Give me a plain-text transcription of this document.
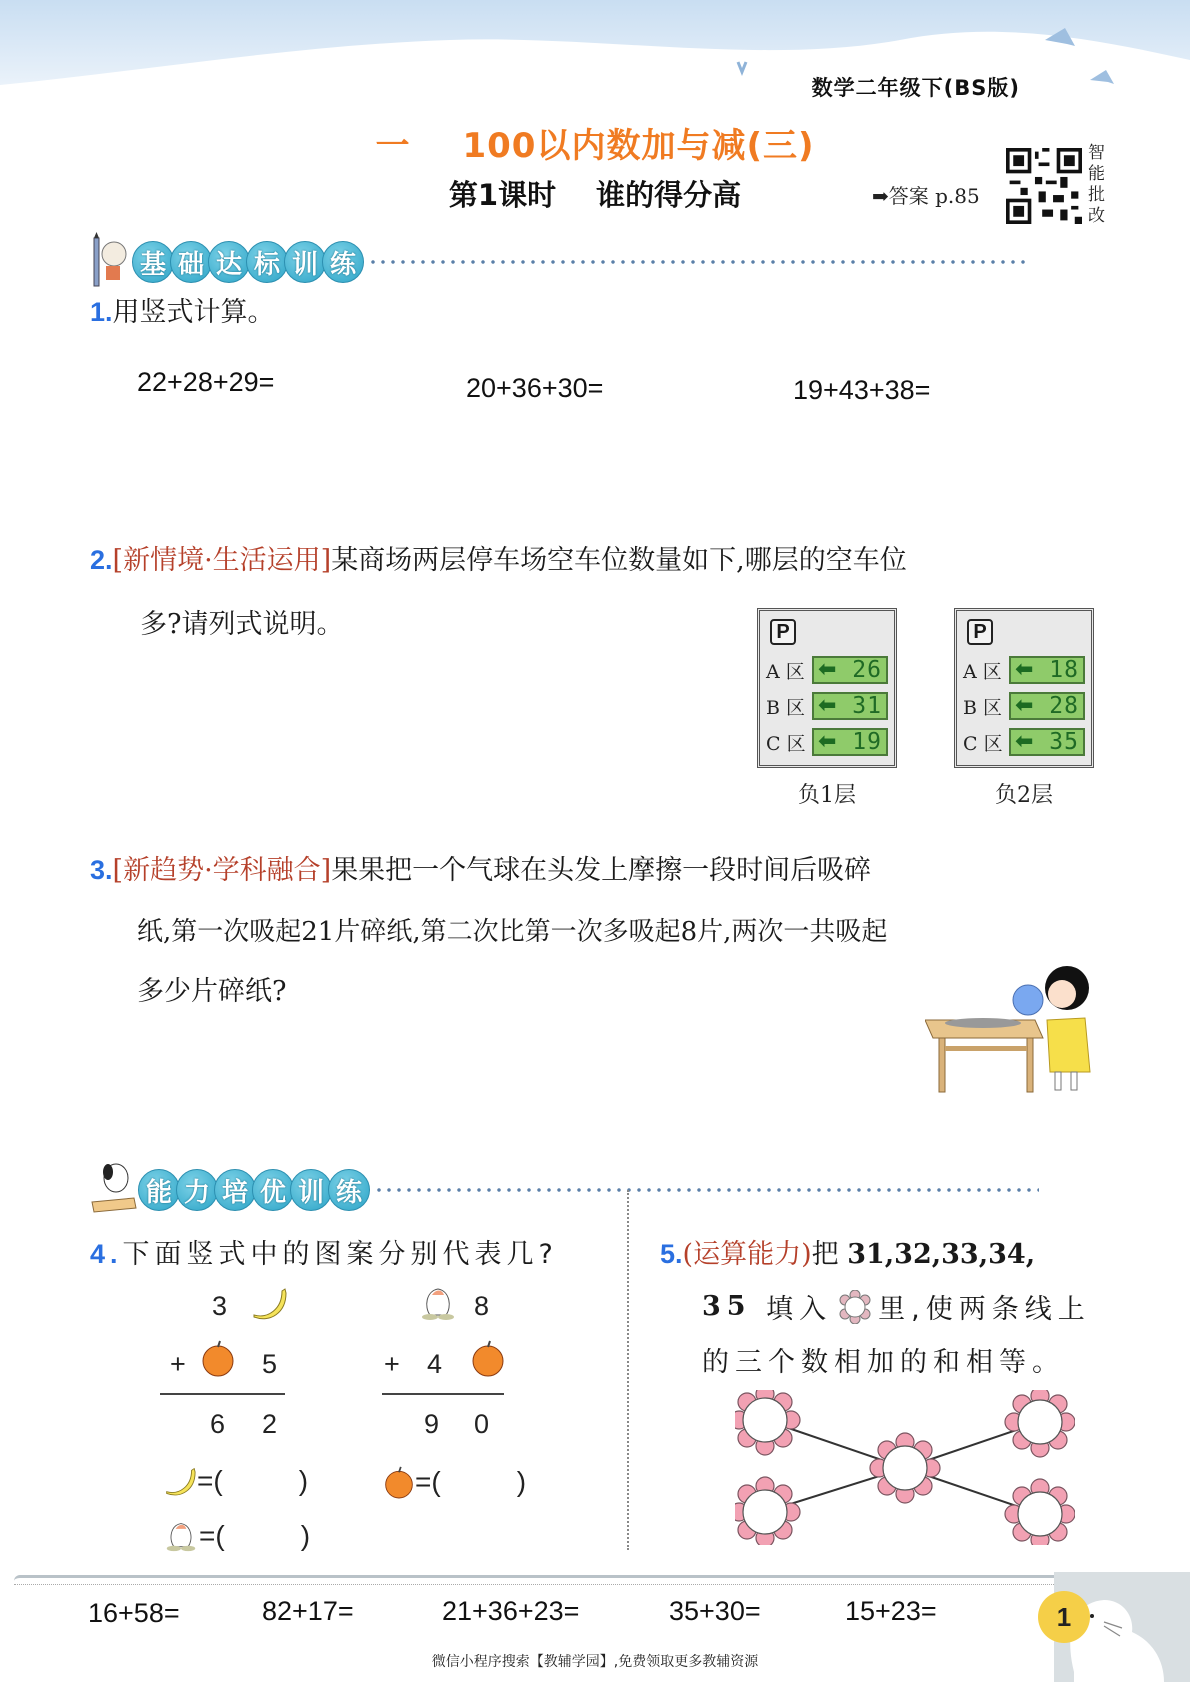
数学二年级下(BS版)
一 100以内数加与减(三)
第1课时 谁的得分高	➡答案 p.85
智
能
批
改
基 础 达 标 训 练
1.用竖式计算。
22+28+29=	20+36+30=	19+43+38=
2.[新情境·生活运用]某商场两层停车场空车位数量如下,哪层的空车位
多?请列式说明。	P
A 区 ⬅ 26
B 区 ⬅ 31
C 区 ⬅ 19
负1层
P
A 区 ⬅ 18
B 区 ⬅ 28
C 区 ⬅ 35
负2层
3.[新趋势·学科融合]果果把一个气球在头发上摩擦一段时间后吸碎
纸,第一次吸起21片碎纸,第二次比第一次多吸起8片,两次一共吸起
多少片碎纸?
能 力 培 优 训 练
4.下面竖式中的图案分别代表几?
3
+	5
6 2
8
+ 4
9 0
=(	)	=(	)
=(	)
5.(运算能力)把 31,32,33,34,
35
填入 里,使两条线上
的三个数相加的和相等。
1
16+58=	82+17=	21+36+23=	35+30=	15+23=
微信小程序搜索【教辅学园】,免费领取更多教辅资源
